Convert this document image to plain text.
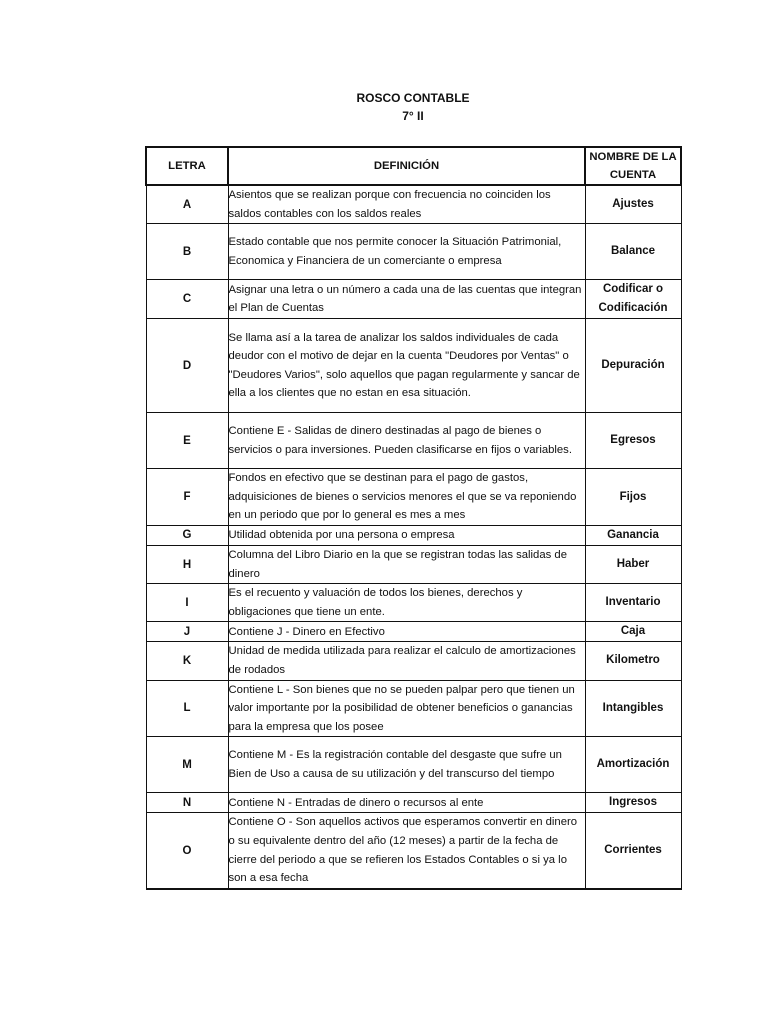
ROSCO CONTABLE
7° II
LETRA	DEFINICIÓN	NOMBRE DE LA CUENTA
A	Asientos que se realizan porque con frecuencia no coinciden los saldos contables con los saldos reales	Ajustes
B	Estado contable que nos permite conocer la Situación Patrimonial, Economica y Financiera de un comerciante o empresa	Balance
C	Asignar una letra o un número a cada una de las cuentas que integran el Plan de Cuentas	Codificar o Codificación
D	Se llama así a la tarea de analizar los saldos individuales de cada deudor con el motivo de dejar en la cuenta "Deudores por Ventas" o "Deudores Varios", solo aquellos que pagan regularmente y sancar de ella a los clientes que no estan en esa situación.	Depuración
E	Contiene E - Salidas de dinero destinadas al pago de bienes o servicios o para inversiones. Pueden clasificarse en fijos o variables.	Egresos
F	Fondos en efectivo que se destinan para el pago de gastos, adquisiciones de bienes o servicios menores el que se va reponiendo en un periodo que por lo general es mes a mes	Fijos
G	Utilidad obtenida por una persona o empresa	Ganancia
H	Columna del Libro Diario en la que se registran todas las salidas de dinero	Haber
I	Es el recuento y valuación de todos los bienes, derechos y obligaciones que tiene un ente.	Inventario
J	Contiene J - Dinero en Efectivo	Caja
K	Unidad de medida utilizada para realizar el calculo de amortizaciones de rodados	Kilometro
L	Contiene L - Son bienes que no se pueden palpar pero que tienen un valor importante por la posibilidad de obtener beneficios o ganancias para la empresa que los posee	Intangibles
M	Contiene M - Es la registración contable del desgaste que sufre un Bien de Uso a causa de su utilización y del transcurso del tiempo	Amortización
N	Contiene N - Entradas de dinero o recursos al ente	Ingresos
O	Contiene O - Son aquellos activos que esperamos convertir en dinero o su equivalente dentro del año (12 meses) a partir de la fecha de cierre del periodo a que se refieren los Estados Contables o si ya lo son a esa fecha	Corrientes
